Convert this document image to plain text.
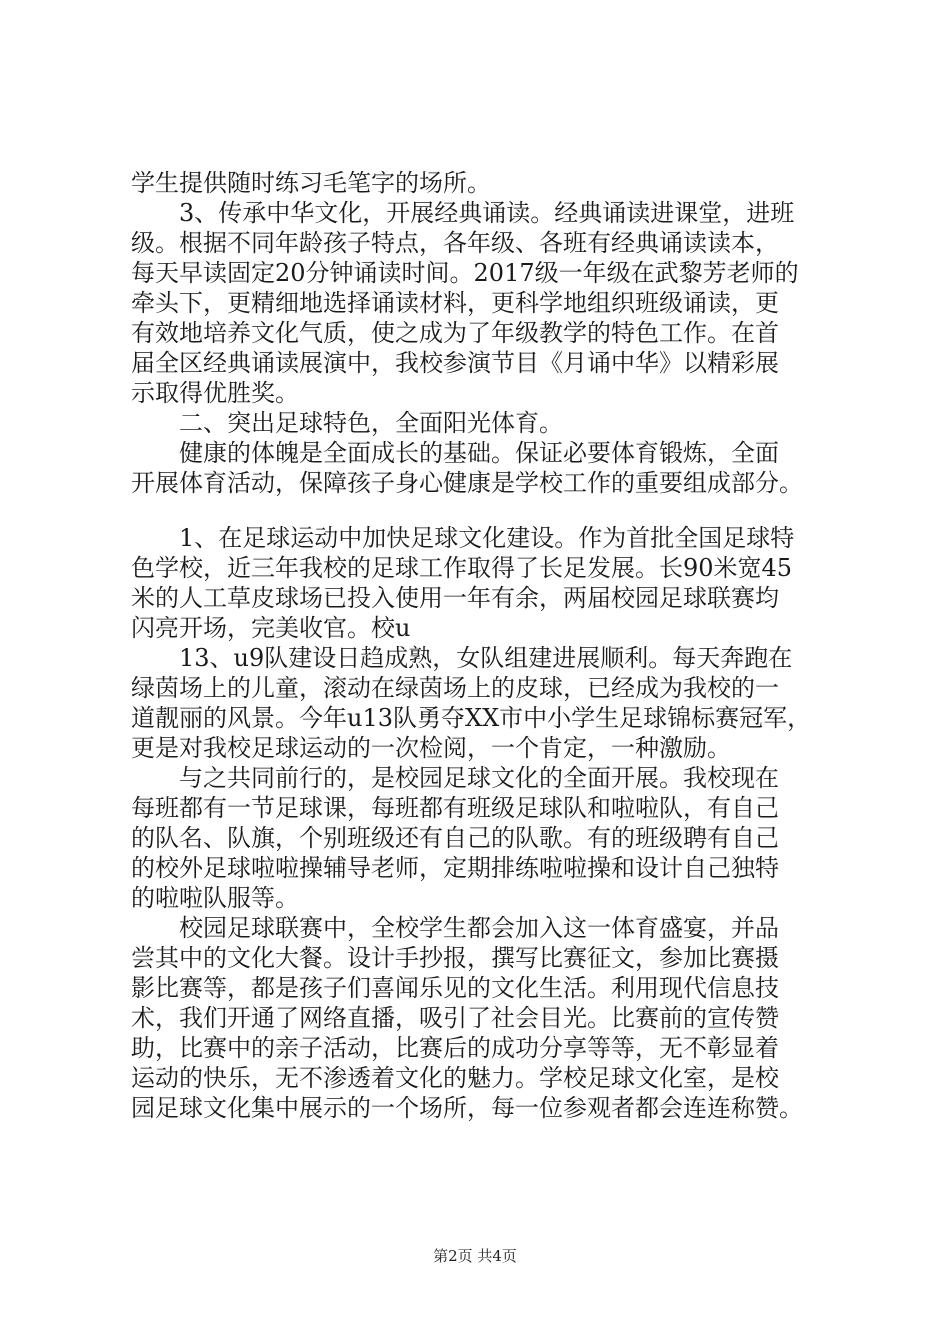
学生提供随时练习毛笔字的场所。
3、传承中华文化，开展经典诵读。经典诵读进课堂，进班
级。根据不同年龄孩子特点，各年级、各班有经典诵读读本，
每天早读固定20分钟诵读时间。2017级一年级在武黎芳老师的
牵头下，更精细地选择诵读材料，更科学地组织班级诵读，更
有效地培养文化气质，使之成为了年级教学的特色工作。在首
届全区经典诵读展演中，我校参演节目《月诵中华》以精彩展
示取得优胜奖。
二、突出足球特色，全面阳光体育。
健康的体魄是全面成长的基础。保证必要体育锻炼，全面
开展体育活动，保障孩子身心健康是学校工作的重要组成部分。
1、在足球运动中加快足球文化建设。作为首批全国足球特
色学校，近三年我校的足球工作取得了长足发展。长90米宽45
米的人工草皮球场已投入使用一年有余，两届校园足球联赛均
闪亮开场，完美收官。校u
13、u9队建设日趋成熟，女队组建进展顺利。每天奔跑在
绿茵场上的儿童，滚动在绿茵场上的皮球，已经成为我校的一
道靓丽的风景。今年u13队勇夺XX市中小学生足球锦标赛冠军，
更是对我校足球运动的一次检阅，一个肯定，一种激励。
与之共同前行的，是校园足球文化的全面开展。我校现在
每班都有一节足球课，每班都有班级足球队和啦啦队，有自己
的队名、队旗，个别班级还有自己的队歌。有的班级聘有自己
的校外足球啦啦操辅导老师，定期排练啦啦操和设计自己独特
的啦啦队服等。
校园足球联赛中，全校学生都会加入这一体育盛宴，并品
尝其中的文化大餐。设计手抄报，撰写比赛征文，参加比赛摄
影比赛等，都是孩子们喜闻乐见的文化生活。利用现代信息技
术，我们开通了网络直播，吸引了社会目光。比赛前的宣传赞
助，比赛中的亲子活动，比赛后的成功分享等等，无不彰显着
运动的快乐，无不渗透着文化的魅力。学校足球文化室，是校
园足球文化集中展示的一个场所，每一位参观者都会连连称赞。
第2页 共4页
